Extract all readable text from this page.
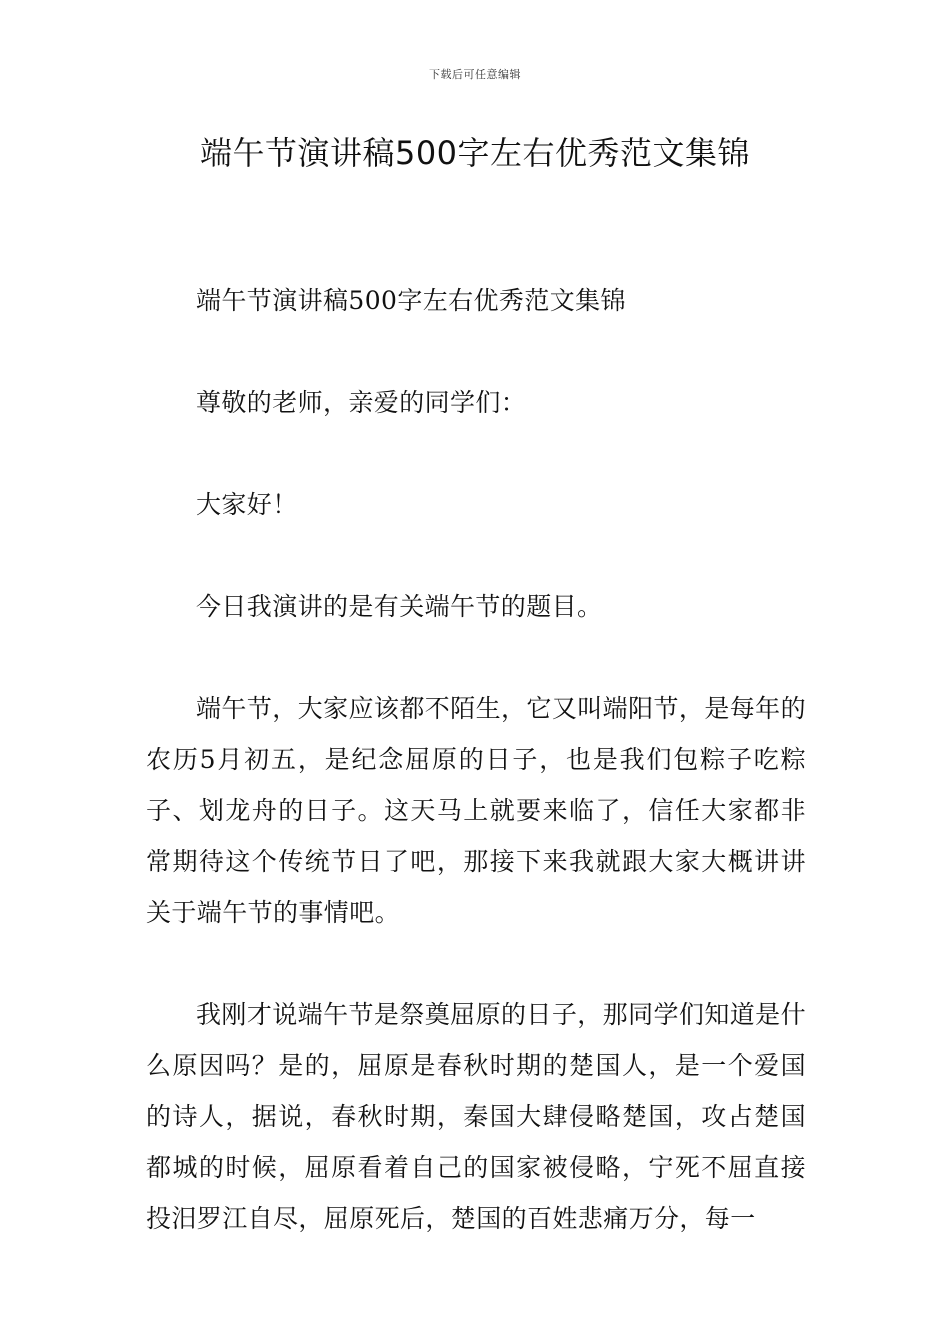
下载后可任意编辑
端午节演讲稿500字左右优秀范文集锦

端午节演讲稿500字左右优秀范文集锦

尊敬的老师，亲爱的同学们：

大家好！

今日我演讲的是有关端午节的题目。

端午节，大家应该都不陌生，它又叫端阳节，是每年的农历5月初五，是纪念屈原的日子，也是我们包粽子吃粽子、划龙舟的日子。这天马上就要来临了，信任大家都非常期待这个传统节日了吧，那接下来我就跟大家大概讲讲关于端午节的事情吧。

我刚才说端午节是祭奠屈原的日子，那同学们知道是什么原因吗？是的，屈原是春秋时期的楚国人，是一个爱国的诗人，据说，春秋时期，秦国大肆侵略楚国，攻占楚国都城的时候，屈原看着自己的国家被侵略，宁死不屈直接投汨罗江自尽，屈原死后，楚国的百姓悲痛万分，每一
